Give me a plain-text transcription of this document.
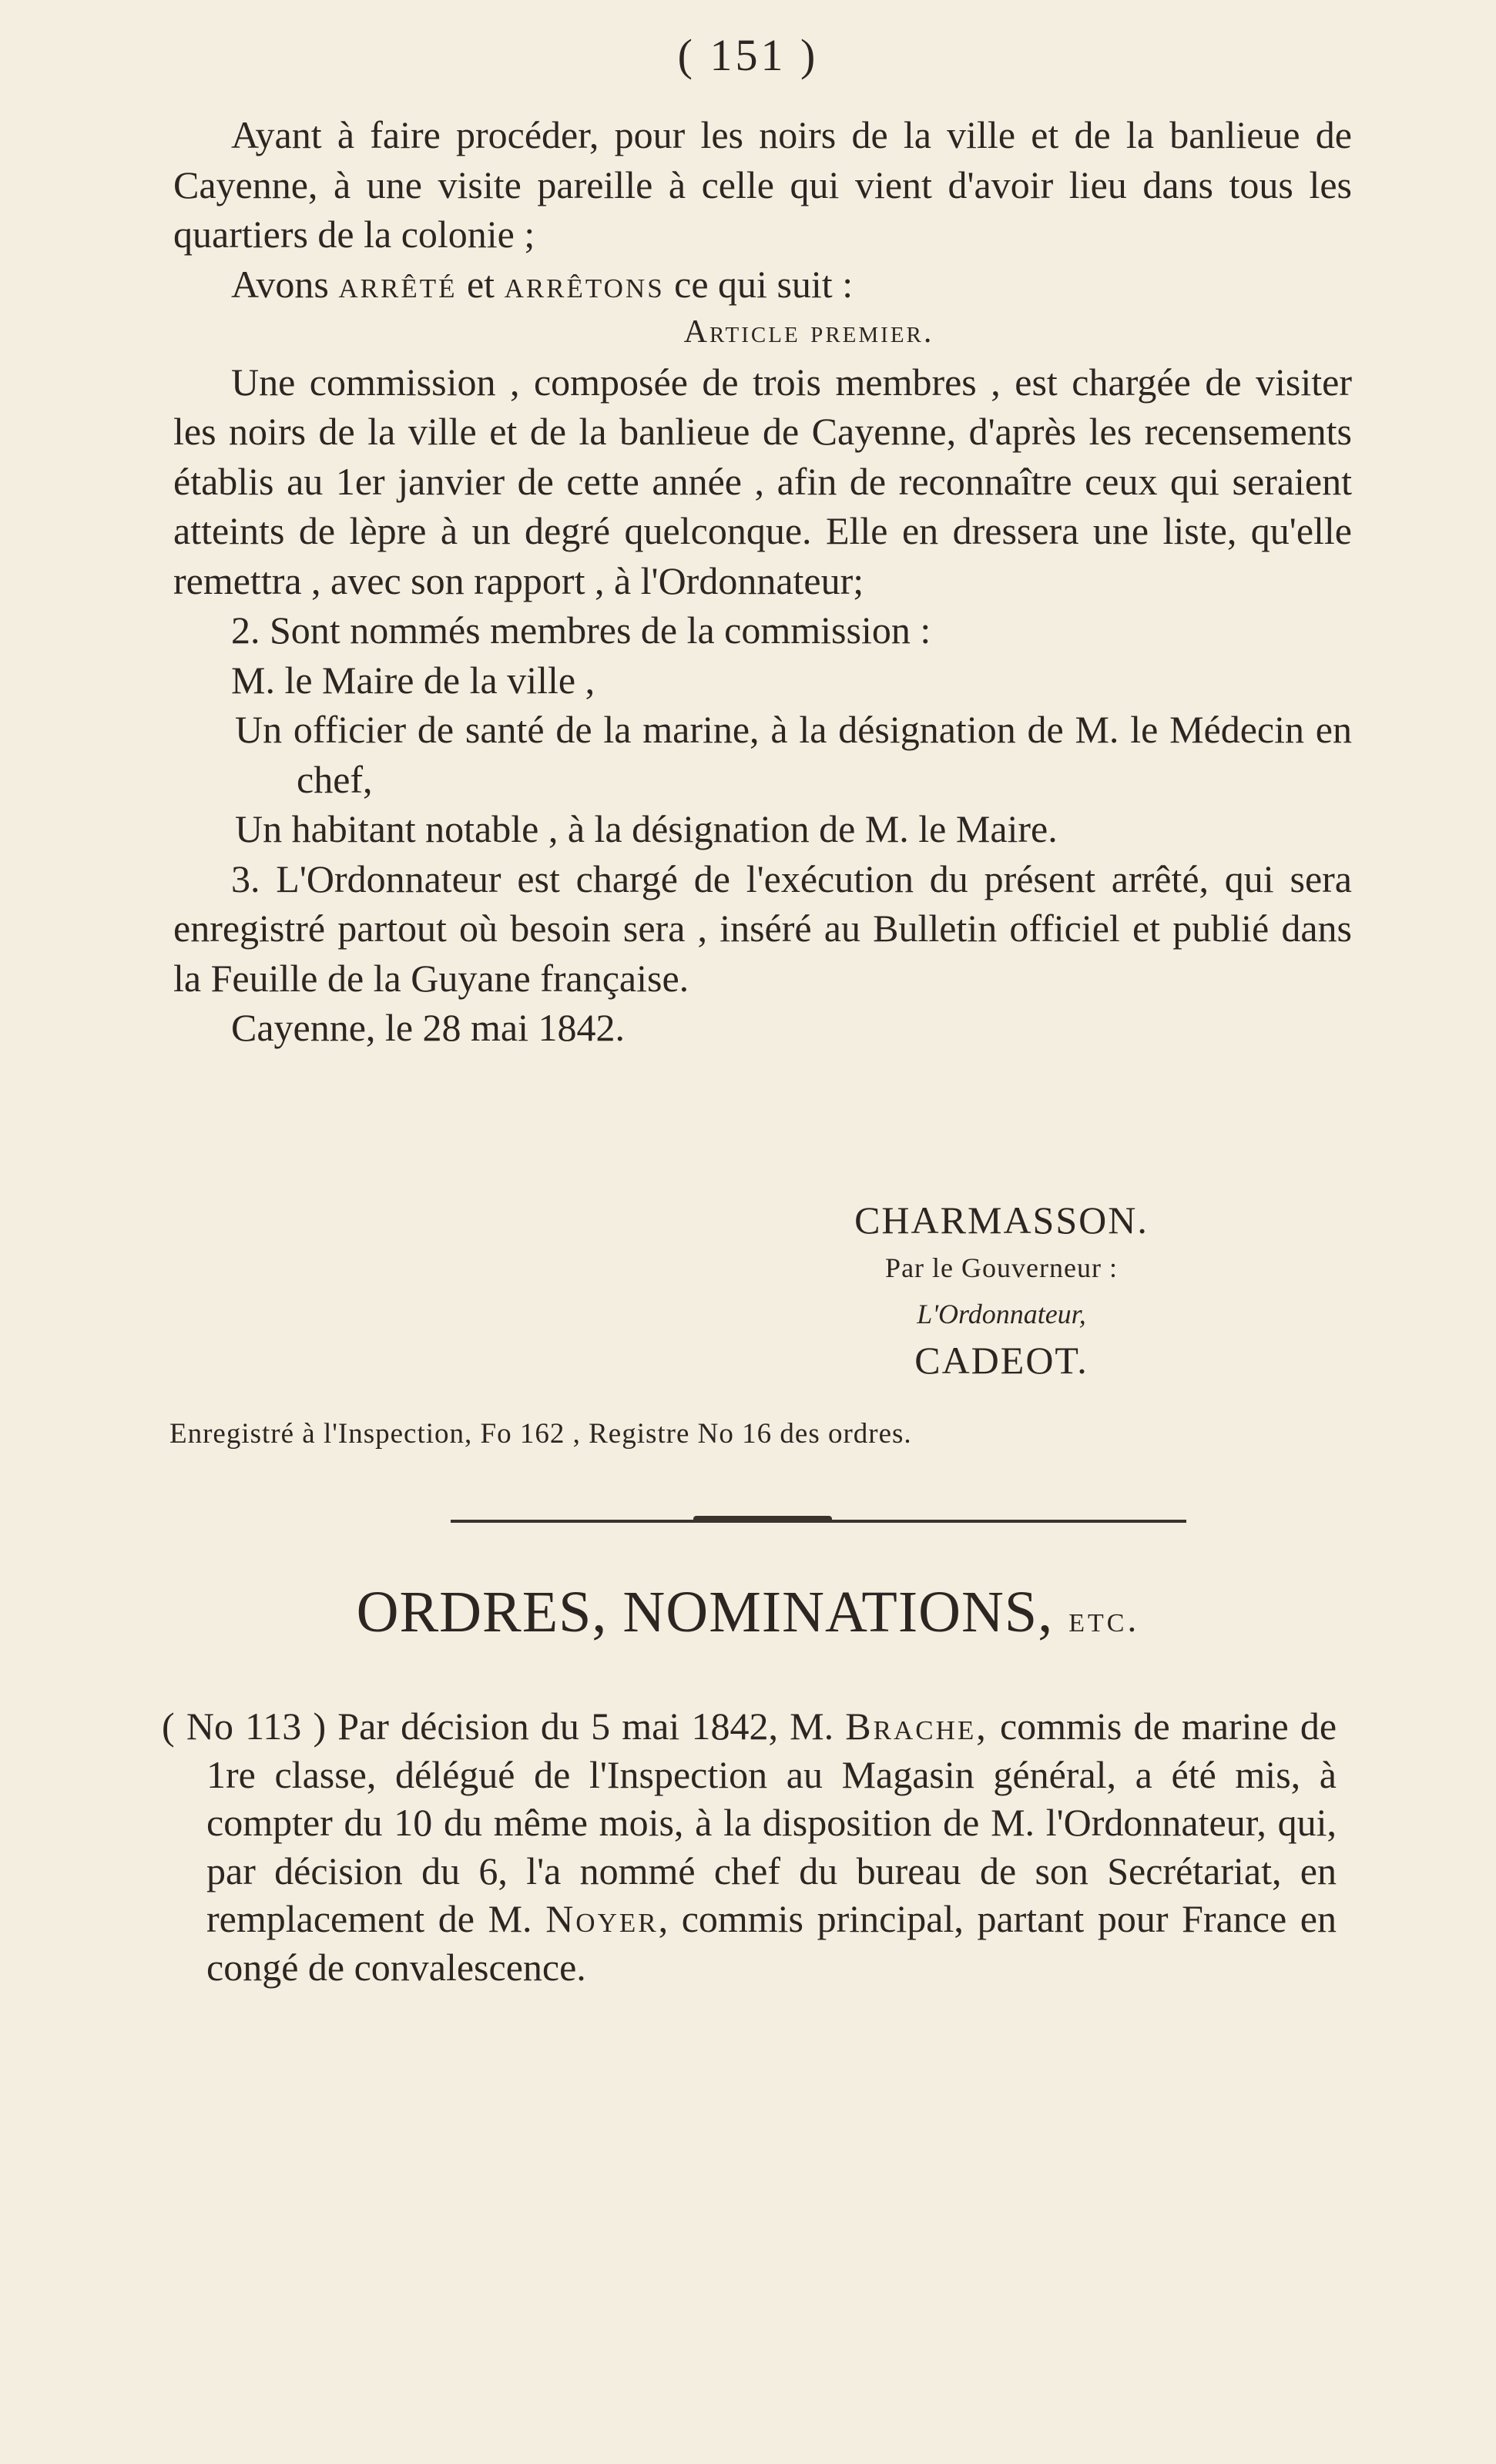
( 151 )
Ayant à faire procéder, pour les noirs de la ville et de la banlieue de Cayenne, à une visite pareille à celle qui vient d'avoir lieu dans tous les quartiers de la colonie ;
Avons arrêté et arrêtons ce qui suit :
Article premier.
Une commission , composée de trois membres , est chargée de visiter les noirs de la ville et de la banlieue de Cayenne, d'après les recensements établis au 1er janvier de cette année , afin de reconnaître ceux qui seraient atteints de lèpre à un degré quelconque. Elle en dressera une liste, qu'elle remettra , avec son rapport , à l'Ordonnateur;
2. Sont nommés membres de la commission :
M. le Maire de la ville ,
Un officier de santé de la marine, à la désignation de M. le Médecin en chef,
Un habitant notable , à la désignation de M. le Maire.
3. L'Ordonnateur est chargé de l'exécution du présent arrêté, qui sera enregistré partout où besoin sera , inséré au Bulletin officiel et publié dans la Feuille de la Guyane française.
Cayenne, le 28 mai 1842.
CHARMASSON.
Par le Gouverneur :
L'Ordonnateur,
CADEOT.
Enregistré à l'Inspection, Fo 162 , Registre No 16 des ordres.
ORDRES, NOMINATIONS, etc.
( No 113 ) Par décision du 5 mai 1842, M. Brache, commis de marine de 1re classe, délégué de l'Inspection au Magasin général, a été mis, à compter du 10 du même mois, à la disposition de M. l'Ordonnateur, qui, par décision du 6, l'a nommé chef du bureau de son Secrétariat, en remplacement de M. Noyer, commis principal, partant pour France en congé de convalescence.
